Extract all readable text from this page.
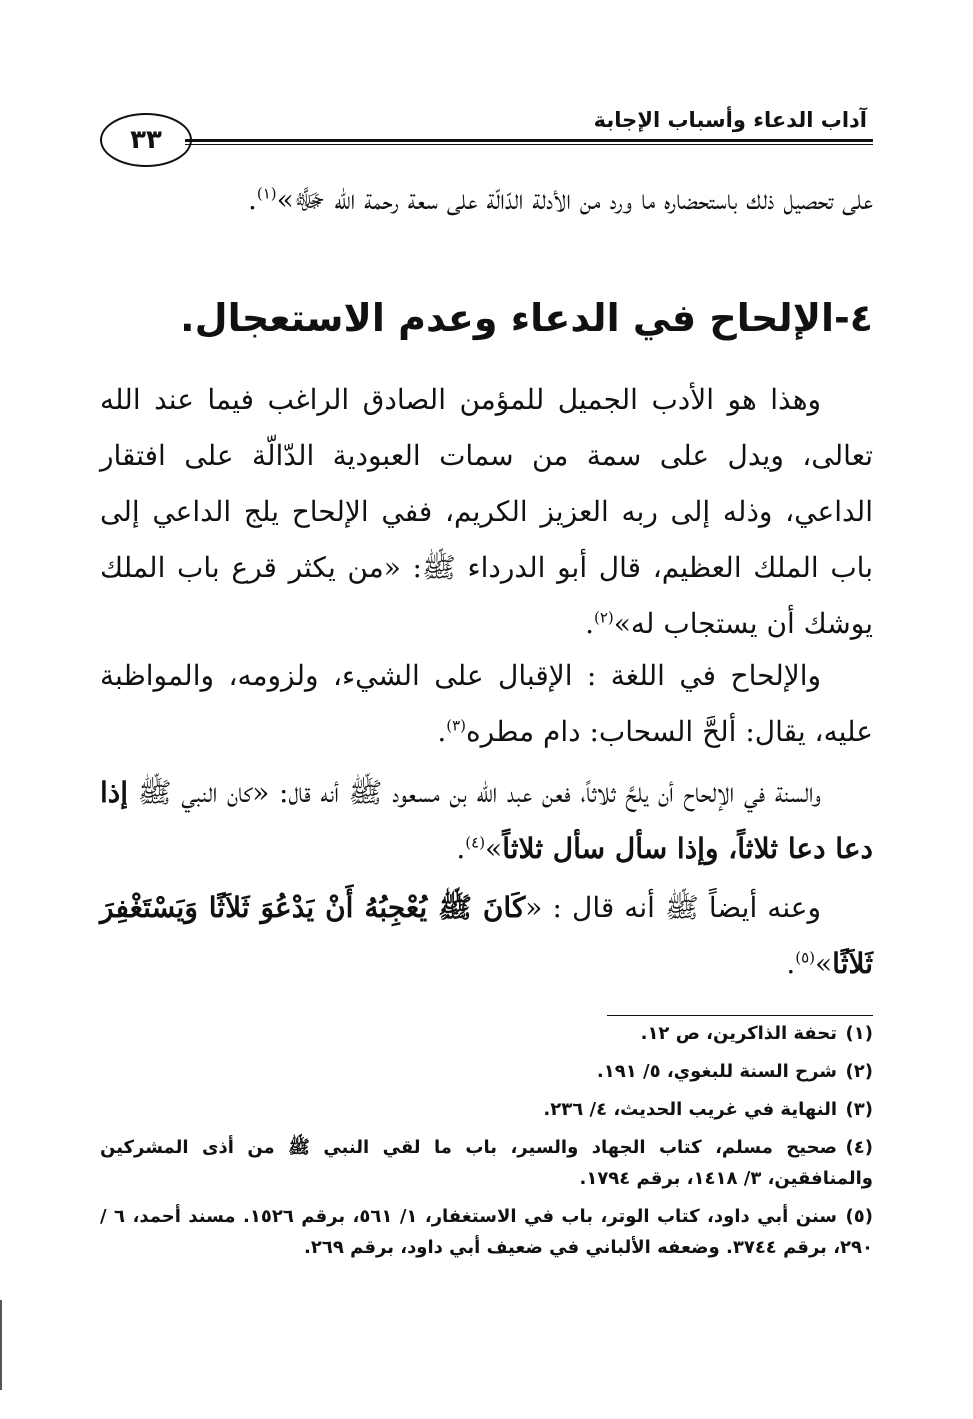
آداب الدعاء وأسباب الإجابة
٣٣

على تحصيل ذلك باستحضاره ما ورد من الأدلة الدّالّة على سعة رحمة الله ﷻ»$^{(١)}$.

٤-الإلحاح في الدعاء وعدم الاستعجال.

وهذا هو الأدب الجميل للمؤمن الصادق الراغب فيما عند الله تعالى، ويدل على سمة من سمات العبودية الدّالّة على افتقار الداعي، وذله إلى ربه العزيز الكريم، ففي الإلحاح يلج الداعي إلى باب الملك العظيم، قال أبو الدرداء ﷺ: «من يكثر قرع باب الملك يوشك أن يستجاب له»$^{(٢)}$.

والإلحاح في اللغة : الإقبال على الشيء، ولزومه، والمواظبة عليه، يقال: ألحَّ السحاب: دام مطره$^{(٣)}$.

والسنة في الإلحاح أن يلحَّ ثلاثاً، فعن عبد الله بن مسعود ﷺ أنه قال: «كان النبي ﷺ إذا دعا دعا ثلاثاً، وإذا سأل سأل ثلاثاً»$^{(٤)}$.

وعنه أيضاً ﷺ أنه قال : «كَانَ ﷺ يُعْجِبُهُ أَنْ يَدْعُوَ ثَلاَثًا وَيَسْتَغْفِرَ ثَلاَثًا»$^{(٥)}$.

(١)تحفة الذاكرين، ص ١٢.

(٢)شرح السنة للبغوي، ٥/ ١٩١.

(٣)النهاية في غريب الحديث، ٤/ ٢٣٦.

(٤)صحيح مسلم، كتاب الجهاد والسير، باب ما لقي النبي ﷺ من أذى المشركين والمنافقين، ٣/ ١٤١٨، برقم ١٧٩٤.

(٥)سنن أبي داود، كتاب الوتر، باب في الاستغفار، ١/ ٥٦١، برقم ١٥٢٦. مسند أحمد، ٦ / ٢٩٠، برقم ٣٧٤٤. وضعفه الألباني في ضعيف أبي داود، برقم ٢٦٩.
